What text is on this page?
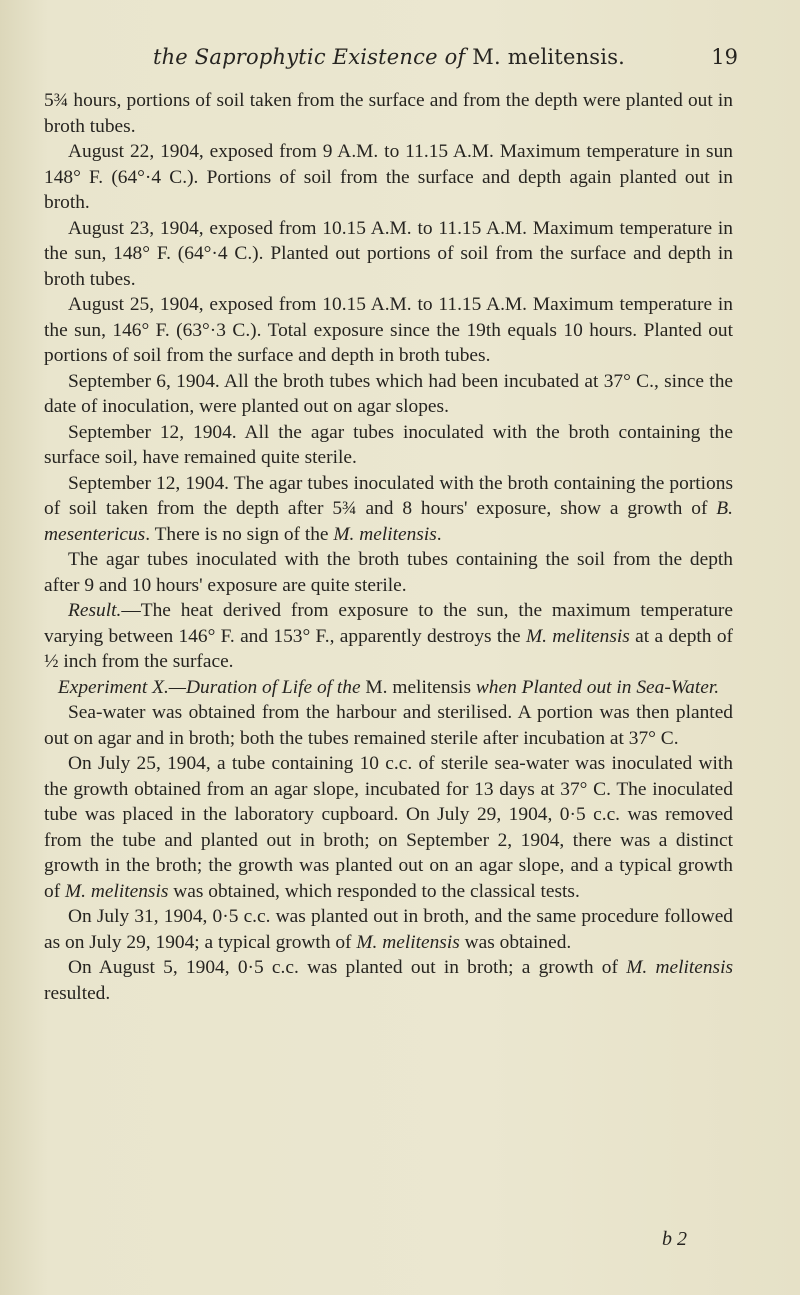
the Saprophytic Existence of M. melitensis.	19

5¾ hours, portions of soil taken from the surface and from the depth were planted out in broth tubes.

August 22, 1904, exposed from 9 A.M. to 11.15 A.M. Maximum temperature in sun 148° F. (64°·4 C.). Portions of soil from the surface and depth again planted out in broth.

August 23, 1904, exposed from 10.15 A.M. to 11.15 A.M. Maximum temperature in the sun, 148° F. (64°·4 C.). Planted out portions of soil from the surface and depth in broth tubes.

August 25, 1904, exposed from 10.15 A.M. to 11.15 A.M. Maximum temperature in the sun, 146° F. (63°·3 C.). Total exposure since the 19th equals 10 hours. Planted out portions of soil from the surface and depth in broth tubes.

September 6, 1904. All the broth tubes which had been incubated at 37° C., since the date of inoculation, were planted out on agar slopes.

September 12, 1904. All the agar tubes inoculated with the broth containing the surface soil, have remained quite sterile.

September 12, 1904. The agar tubes inoculated with the broth containing the portions of soil taken from the depth after 5¾ and 8 hours' exposure, show a growth of B. mesentericus. There is no sign of the M. melitensis.

The agar tubes inoculated with the broth tubes containing the soil from the depth after 9 and 10 hours' exposure are quite sterile.

Result.—The heat derived from exposure to the sun, the maximum temperature varying between 146° F. and 153° F., apparently destroys the M. melitensis at a depth of ½ inch from the surface.

Experiment X.—Duration of Life of the M. melitensis when Planted out in Sea-Water.

Sea-water was obtained from the harbour and sterilised. A portion was then planted out on agar and in broth; both the tubes remained sterile after incubation at 37° C.

On July 25, 1904, a tube containing 10 c.c. of sterile sea-water was inoculated with the growth obtained from an agar slope, incubated for 13 days at 37° C. The inoculated tube was placed in the laboratory cupboard. On July 29, 1904, 0·5 c.c. was removed from the tube and planted out in broth; on September 2, 1904, there was a distinct growth in the broth; the growth was planted out on an agar slope, and a typical growth of M. melitensis was obtained, which responded to the classical tests.

On July 31, 1904, 0·5 c.c. was planted out in broth, and the same procedure followed as on July 29, 1904; a typical growth of M. melitensis was obtained.

On August 5, 1904, 0·5 c.c. was planted out in broth; a growth of M. melitensis resulted.

b 2
